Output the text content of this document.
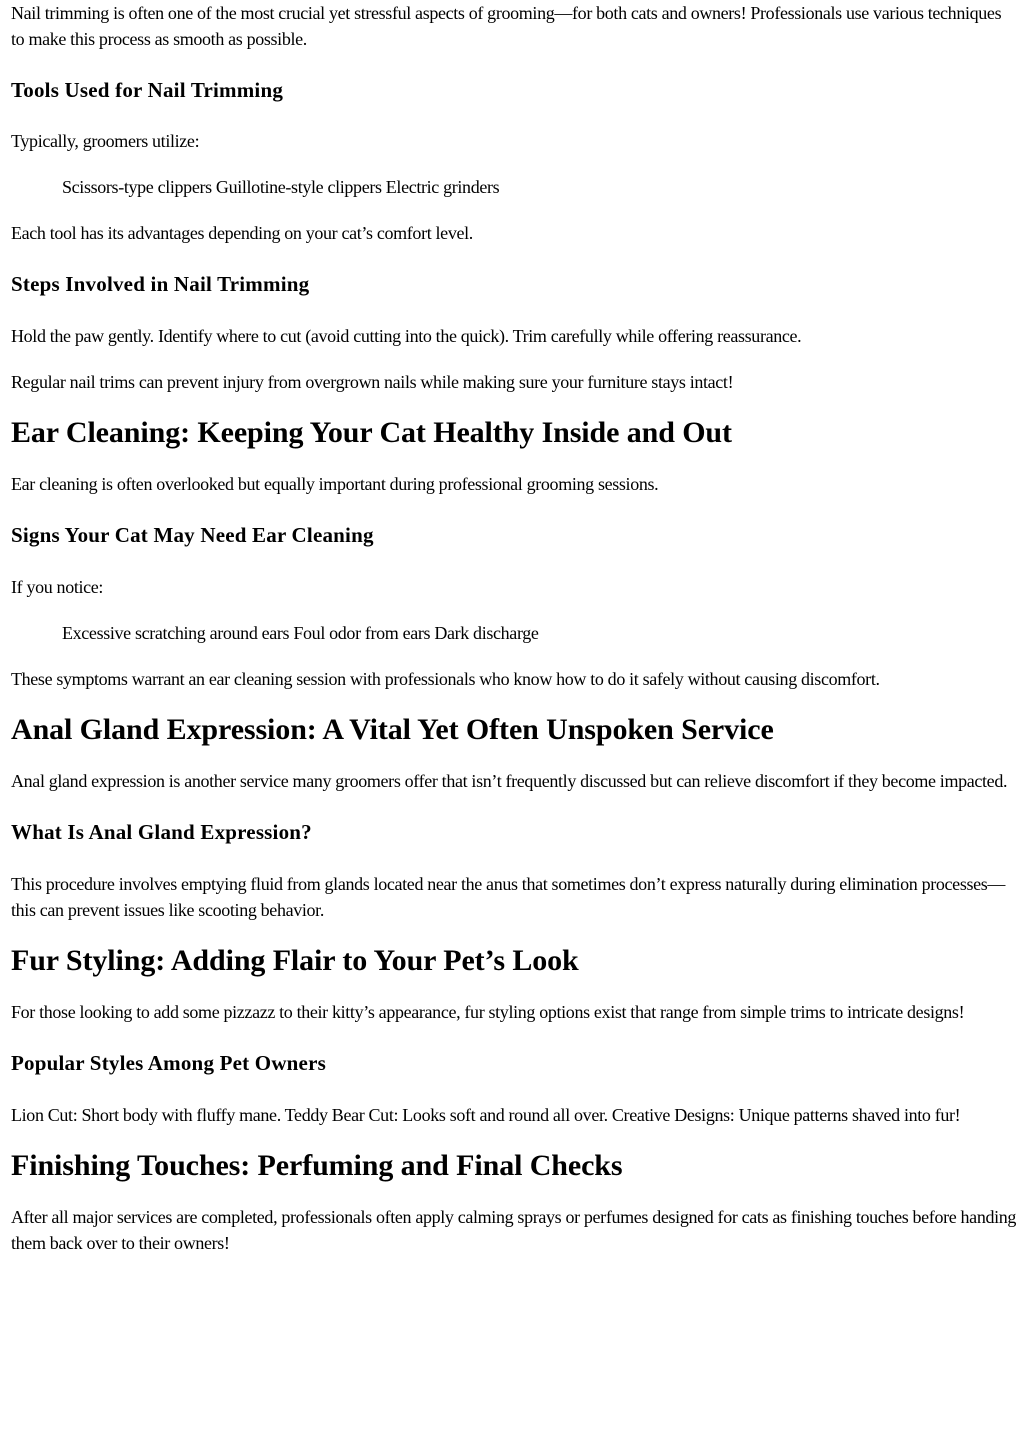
Nail trimming is often one of the most crucial yet stressful aspects of grooming—for both cats and owners! Professionals use various techniques to make this process as smooth as possible.

Tools Used for Nail Trimming

Typically, groomers utilize:

Scissors-type clippers Guillotine-style clippers Electric grinders

Each tool has its advantages depending on your cat’s comfort level.

Steps Involved in Nail Trimming

Hold the paw gently. Identify where to cut (avoid cutting into the quick). Trim carefully while offering reassurance.

Regular nail trims can prevent injury from overgrown nails while making sure your furniture stays intact!

Ear Cleaning: Keeping Your Cat Healthy Inside and Out

Ear cleaning is often overlooked but equally important during professional grooming sessions.

Signs Your Cat May Need Ear Cleaning

If you notice:

Excessive scratching around ears Foul odor from ears Dark discharge

These symptoms warrant an ear cleaning session with professionals who know how to do it safely without causing discomfort.

Anal Gland Expression: A Vital Yet Often Unspoken Service

Anal gland expression is another service many groomers offer that isn’t frequently discussed but can relieve discomfort if they become impacted.

What Is Anal Gland Expression?

This procedure involves emptying fluid from glands located near the anus that sometimes don’t express naturally during elimination processes—this can prevent issues like scooting behavior.

Fur Styling: Adding Flair to Your Pet’s Look

For those looking to add some pizzazz to their kitty’s appearance, fur styling options exist that range from simple trims to intricate designs!

Popular Styles Among Pet Owners

Lion Cut: Short body with fluffy mane. Teddy Bear Cut: Looks soft and round all over. Creative Designs: Unique patterns shaved into fur!

Finishing Touches: Perfuming and Final Checks

After all major services are completed, professionals often apply calming sprays or perfumes designed for cats as finishing touches before handing them back over to their owners!
